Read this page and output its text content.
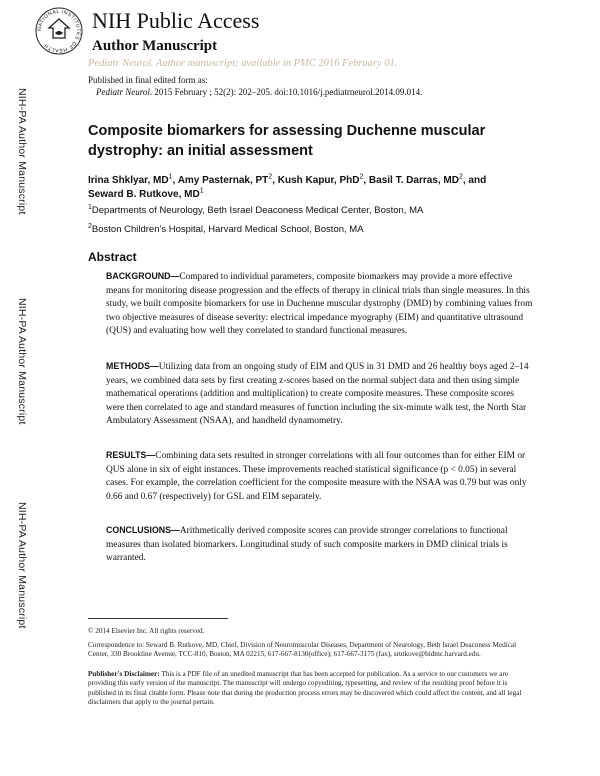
NIH-PA Author Manuscript
NIH-PA Author Manuscript
NIH-PA Author Manuscript
NATIONAL INSTITUTES OF HEALTH
NIH Public Access
Author Manuscript
Pediatr Neurol. Author manuscript; available in PMC 2016 February 01.
Published in final edited form as:
Pediatr Neurol. 2015 February ; 52(2): 202–205. doi:10.1016/j.pediatrneurol.2014.09.014.
Composite biomarkers for assessing Duchenne muscular dystrophy: an initial assessment
Irina Shklyar, $MD^1$, Amy Pasternak, $PT^2$, Kush Kapur, PhD$^2$, Basil T. Darras, $MD^2$, and
Seward B. Rutkove, $MD^1$
$^1$Departments of Neurology, Beth Israel Deaconess Medical Center, Boston, MA
$^2$Boston Children's Hospital, Harvard Medical School, Boston, MA
Abstract
BACKGROUND—Compared to individual parameters, composite biomarkers may provide a more effective means for monitoring disease progression and the effects of therapy in clinical trials than single measures. In this study, we built composite biomarkers for use in Duchenne muscular dystrophy (DMD) by combining values from two objective measures of disease severity: electrical impedance myography (EIM) and quantitative ultrasound (QUS) and evaluating how well they correlated to standard functional measures.
METHODS—Utilizing data from an ongoing study of EIM and QUS in 31 DMD and 26 healthy boys aged 2–14 years, we combined data sets by first creating z-scores based on the normal subject data and then using simple mathematical operations (addition and multiplication) to create composite measures. These composite scores were then correlated to age and standard measures of function including the six-minute walk test, the North Star Ambulatory Assessment (NSAA), and handheld dynamometry.
RESULTS—Combining data sets resulted in stronger correlations with all four outcomes than for either EIM or QUS alone in six of eight instances. These improvements reached statistical significance (p < 0.05) in several cases. For example, the correlation coefficient for the composite measure with the NSAA was 0.79 but was only 0.66 and 0.67 (respectively) for GSL and EIM separately.
CONCLUSIONS—Arithmetically derived composite scores can provide stronger correlations to functional measures than isolated biomarkers. Longitudinal study of such composite markers in DMD clinical trials is warranted.
© 2014 Elsevier Inc. All rights reserved.
Correspondence to: Seward B. Rutkove, MD, Chief, Division of Neuromuscular Diseases, Department of Neurology, Beth Israel Deaconess Medical Center, 330 Brookline Avenue, TCC-810, Boston, MA 02215, 617-667-8130(office); 617-667-3175 (fax), srutkove@bidmc.harvard.edu.
Publisher's Disclaimer: This is a PDF file of an unedited manuscript that has been accepted for publication. As a service to our customers we are providing this early version of the manuscript. The manuscript will undergo copyediting, typesetting, and review of the resulting proof before it is published in its final citable form. Please note that during the production process errors may be discovered which could affect the content, and all legal disclaimers that apply to the journal pertain.
